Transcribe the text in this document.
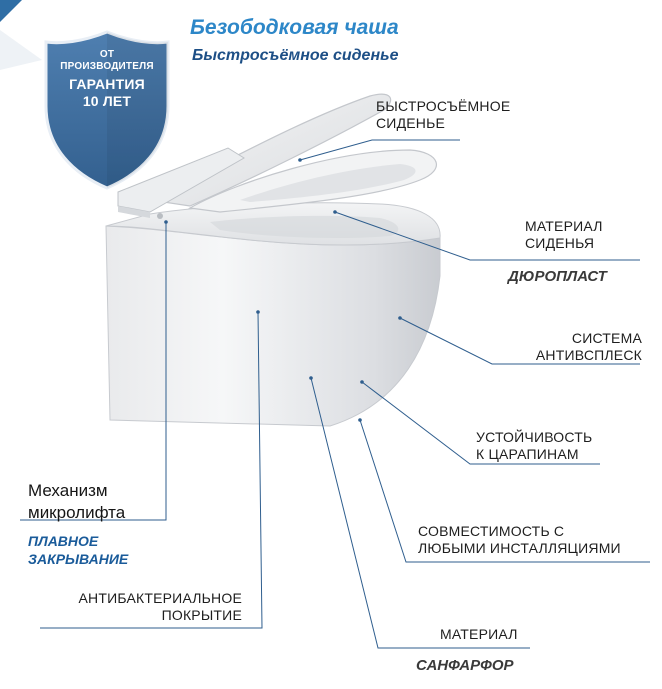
ОТ
ПРОИЗВОДИТЕЛЯ
ГАРАНТИЯ
10 ЛЕТ
Безободковая чаша
Быстросъёмное сиденье
БЫСТРОСЪЁМНОЕ
СИДЕНЬЕ
МАТЕРИАЛ
СИДЕНЬЯ
ДЮРОПЛАСТ
СИСТЕМА
АНТИВСПЛЕСК
УСТОЙЧИВОСТЬ
К ЦАРАПИНАМ
СОВМЕСТИМОСТЬ С
ЛЮБЫМИ ИНСТАЛЛЯЦИЯМИ
Механизм
микролифта
ПЛАВНОЕ
ЗАКРЫВАНИЕ
АНТИБАКТЕРИАЛЬНОЕ
ПОКРЫТИЕ
МАТЕРИАЛ
САНФАРФОР
